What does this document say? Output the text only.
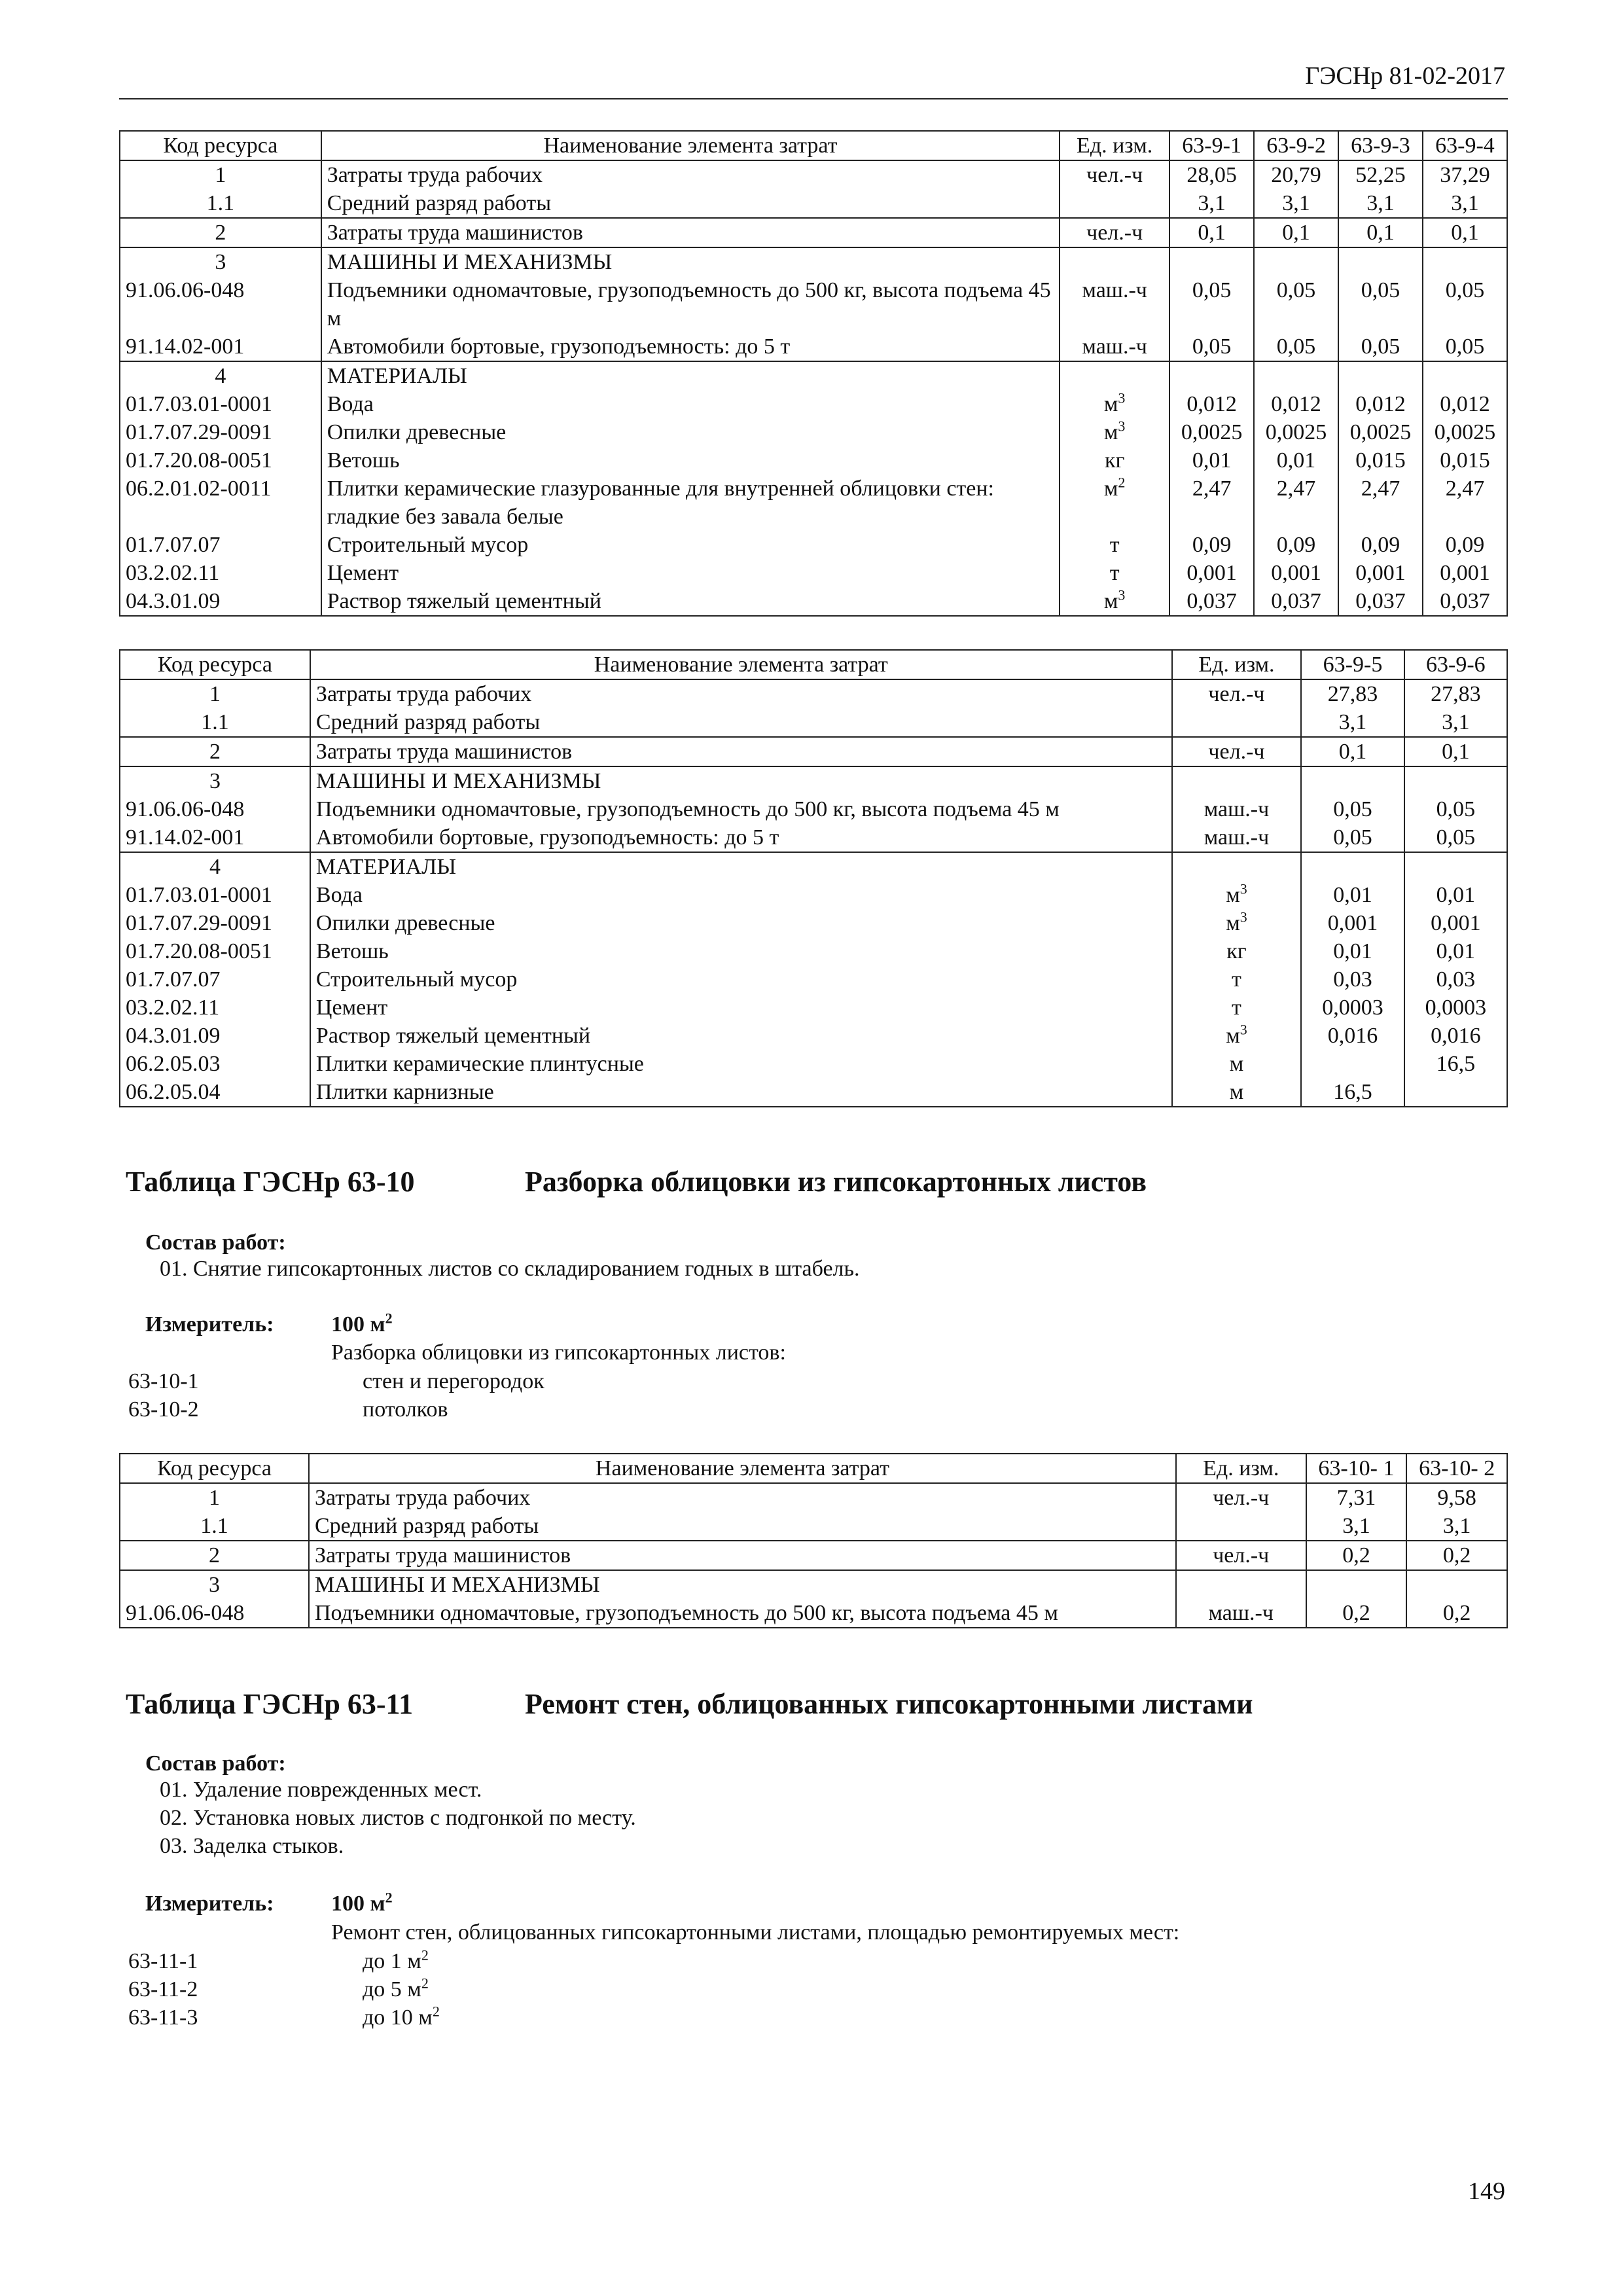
ГЭСНр 81-02-2017
Код ресурса	Наименование элемента затрат	Ед. изм.	63-9-1	63-9-2	63-9-3	63-9-4
1	Затраты труда рабочих	чел.-ч	28,05	20,79	52,25	37,29
1.1	Средний разряд работы		3,1	3,1	3,1	3,1
2	Затраты труда машинистов	чел.-ч	0,1	0,1	0,1	0,1
3	МАШИНЫ И МЕХАНИЗМЫ					
91.06.06-048	Подъемники одномачтовые, грузоподъемность до 500 кг, высота подъема 45 м	маш.-ч	0,05	0,05	0,05	0,05
91.14.02-001	Автомобили бортовые, грузоподъемность: до 5 т	маш.-ч	0,05	0,05	0,05	0,05
4	МАТЕРИАЛЫ					
01.7.03.01-0001	Вода	$м^3$	0,012	0,012	0,012	0,012
01.7.07.29-0091	Опилки древесные	$м^3$	0,0025	0,0025	0,0025	0,0025
01.7.20.08-0051	Ветошь	кг	0,01	0,01	0,015	0,015
06.2.01.02-0011	Плитки керамические глазурованные для внутренней облицовки стен: гладкие без завала белые	$м^2$	2,47	2,47	2,47	2,47
01.7.07.07	Строительный мусор	т	0,09	0,09	0,09	0,09
03.2.02.11	Цемент	т	0,001	0,001	0,001	0,001
04.3.01.09	Раствор тяжелый цементный	$м^3$	0,037	0,037	0,037	0,037
Код ресурса	Наименование элемента затрат	Ед. изм.	63-9-5	63-9-6
1	Затраты труда рабочих	чел.-ч	27,83	27,83
1.1	Средний разряд работы		3,1	3,1
2	Затраты труда машинистов	чел.-ч	0,1	0,1
3	МАШИНЫ И МЕХАНИЗМЫ			
91.06.06-048	Подъемники одномачтовые, грузоподъемность до 500 кг, высота подъема 45 м	маш.-ч	0,05	0,05
91.14.02-001	Автомобили бортовые, грузоподъемность: до 5 т	маш.-ч	0,05	0,05
4	МАТЕРИАЛЫ			
01.7.03.01-0001	Вода	$м^3$	0,01	0,01
01.7.07.29-0091	Опилки древесные	$м^3$	0,001	0,001
01.7.20.08-0051	Ветошь	кг	0,01	0,01
01.7.07.07	Строительный мусор	т	0,03	0,03
03.2.02.11	Цемент	т	0,0003	0,0003
04.3.01.09	Раствор тяжелый цементный	$м^3$	0,016	0,016
06.2.05.03	Плитки керамические плинтусные	м		16,5
06.2.05.04	Плитки карнизные	м	16,5	
Таблица ГЭСНр 63-10	Разборка облицовки из гипсокартонных листов
Состав работ:
01. Снятие гипсокартонных листов со складированием годных в штабель.
Измеритель:	100 $м^2$
Разборка облицовки из гипсокартонных листов:
63-10-1	стен и перегородок
63-10-2	потолков
Код ресурса	Наименование элемента затрат	Ед. изм.	63-10- 1	63-10- 2
1	Затраты труда рабочих	чел.-ч	7,31	9,58
1.1	Средний разряд работы		3,1	3,1
2	Затраты труда машинистов	чел.-ч	0,2	0,2
3	МАШИНЫ И МЕХАНИЗМЫ			
91.06.06-048	Подъемники одномачтовые, грузоподъемность до 500 кг, высота подъема 45 м	маш.-ч	0,2	0,2
Таблица ГЭСНр 63-11	Ремонт стен, облицованных гипсокартонными листами
Состав работ:
01. Удаление поврежденных мест.
02. Установка новых листов с подгонкой по месту.
03. Заделка стыков.
Измеритель:	100 $м^2$
Ремонт стен, облицованных гипсокартонными листами, площадью ремонтируемых мест:
63-11-1	до 1 $м^2$
63-11-2	до 5 $м^2$
63-11-3	до 10 $м^2$
149
